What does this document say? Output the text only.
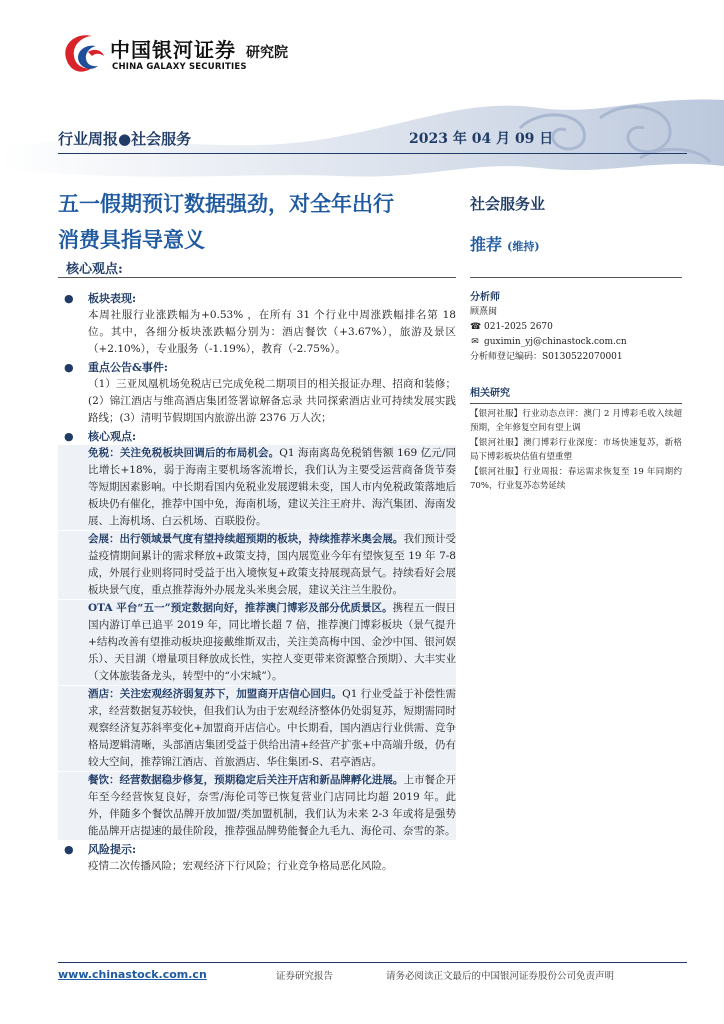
中国银河证券
CHINA GALAXY SECURITIES
研究院
行业周报●社会服务	2023 年 04 月 09 日
五一假期预订数据强劲，对全年出行
消费具指导意义
社会服务业
推荐 (维持)
核心观点:
● 板块表现:
本周社服行业涨跌幅为+0.53% ，在所有 31 个行业中周涨跌幅排名第 18 位。其中，各细分板块涨跌幅分别为：酒店餐饮（+3.67%），旅游及景区（+2.10%），专业服务（-1.19%），教育（-2.75%）。
● 重点公告&事件:
（1）三亚凤凰机场免税店已完成免税二期项目的相关报证办理、招商和装修；(2）锦江酒店与维高酒店集团签署谅解备忘录 共同探索酒店业可持续发展实践路线；(3）清明节假期国内旅游出游 2376 万人次；
● 核心观点:
免税：关注免税板块回调后的布局机会。Q1 海南离岛免税销售额 169 亿元/同比增长+18%，弱于海南主要机场客流增长，我们认为主要受运营商备货节奏等短期因素影响。中长期看国内免税业发展逻辑未变，国人市内免税政策落地后板块仍有催化，推荐中国中免，海南机场，建议关注王府井、海汽集团、海南发展、上海机场、白云机场、百联股份。
会展：出行领域景气度有望持续超预期的板块，持续推荐米奥会展。我们预计受益疫情期间累计的需求释放+政策支持，国内展览业今年有望恢复至 19 年 7-8 成，外展行业则将同时受益于出入境恢复+政策支持展现高景气。持续看好会展板块景气度，重点推荐海外办展龙头米奥会展，建议关注兰生股份。
OTA 平台“五一”预定数据向好，推荐澳门博彩及部分优质景区。携程五一假日国内游订单已追平 2019 年，同比增长超 7 倍，推荐澳门博彩板块（景气提升+结构改善有望推动板块迎接戴维斯双击，关注美高梅中国、金沙中国、银河娱乐）、天目湖（增量项目释放成长性，实控人变更带来资源整合预期）、大丰实业（文体旅装备龙头，转型中的“小宋城”）。
酒店：关注宏观经济弱复苏下，加盟商开店信心回归。Q1 行业受益于补偿性需求，经营数据复苏较快，但我们认为由于宏观经济整体仍处弱复苏，短期需同时观察经济复苏斜率变化+加盟商开店信心。中长期看，国内酒店行业供需、竞争格局逻辑清晰，头部酒店集团受益于供给出清+经营产扩张+中高端升级，仍有较大空间，推荐锦江酒店、首旅酒店、华住集团-S、君亭酒店。
餐饮：经营数据稳步修复，预期稳定后关注开店和新品牌孵化进展。上市餐企开年至今经营恢复良好，奈雪/海伦司等已恢复营业门店同比均超 2019 年。此外，伴随多个餐饮品牌开放加盟/类加盟机制，我们认为未来 2-3 年或将是强势能品牌开店提速的最佳阶段，推荐强品牌势能餐企九毛九、海伦司、奈雪的茶。
● 风险提示:
疫情二次传播风险；宏观经济下行风险；行业竞争格局恶化风险。
分析师
顾熹闽
☎ 021-2025 2670
✉ guximin_yj@chinastock.com.cn
分析师登记编码： S0130522070001
相关研究
【银河社服】行业动态点评：澳门 2 月博彩毛收入续超预期，全年修复空间有望上调
【银河社服】澳门博彩行业深度：市场快速复苏，新格局下博彩板块估值有望重塑
【银河社服】行业周报：春运需求恢复至 19 年同期约 70%，行业复苏态势延续
www.chinastock.com.cn	证券研究报告	请务必阅读正文最后的中国银河证券股份公司免责声明
